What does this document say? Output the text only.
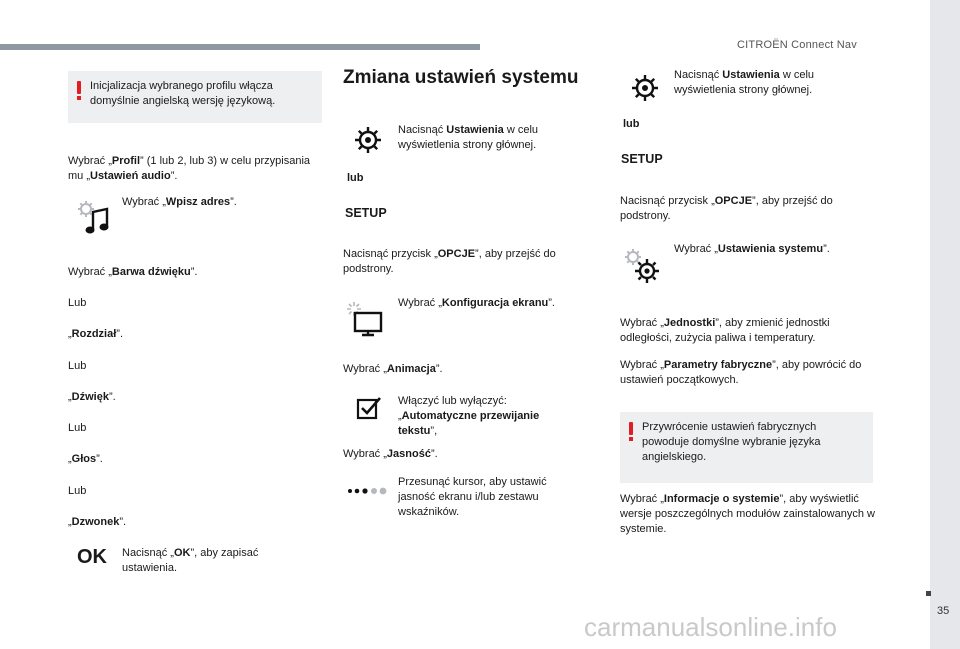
CITROËN Connect Nav
35
Inicjalizacja wybranego profilu włącza domyślnie angielską wersję językową.
Wybrać „Profil” (1 lub 2, lub 3) w celu przypisania mu „Ustawień audio”.
Wybrać „Wpisz adres”.
Wybrać „Barwa dźwięku”.
Lub
„Rozdział”.
Lub
„Dźwięk”.
Lub
„Głos”.
Lub
„Dzwonek”.
OK Nacisnąć „OK”, aby zapisać ustawienia.
Zmiana ustawień systemu
Nacisnąć Ustawienia w celu wyświetlenia strony głównej.
lub
SETUP
Nacisnąć przycisk „OPCJE”, aby przejść do podstrony.
Wybrać „Konfiguracja ekranu”.
Wybrać „Animacja”.
Włączyć lub wyłączyć: „Automatyczne przewijanie tekstu”,
Wybrać „Jasność”.
Przesunąć kursor, aby ustawić jasność ekranu i/lub zestawu wskaźników.
Nacisnąć Ustawienia w celu wyświetlenia strony głównej.
lub
SETUP
Nacisnąć przycisk „OPCJE”, aby przejść do podstrony.
Wybrać „Ustawienia systemu”.
Wybrać „Jednostki”, aby zmienić jednostki odległości, zużycia paliwa i temperatury.
Wybrać „Parametry fabryczne”, aby powrócić do ustawień początkowych.
Przywrócenie ustawień fabrycznych powoduje domyślne wybranie języka angielskiego.
Wybrać „Informacje o systemie”, aby wyświetlić wersje poszczególnych modułów zainstalowanych w systemie.
carmanualsonline.info
